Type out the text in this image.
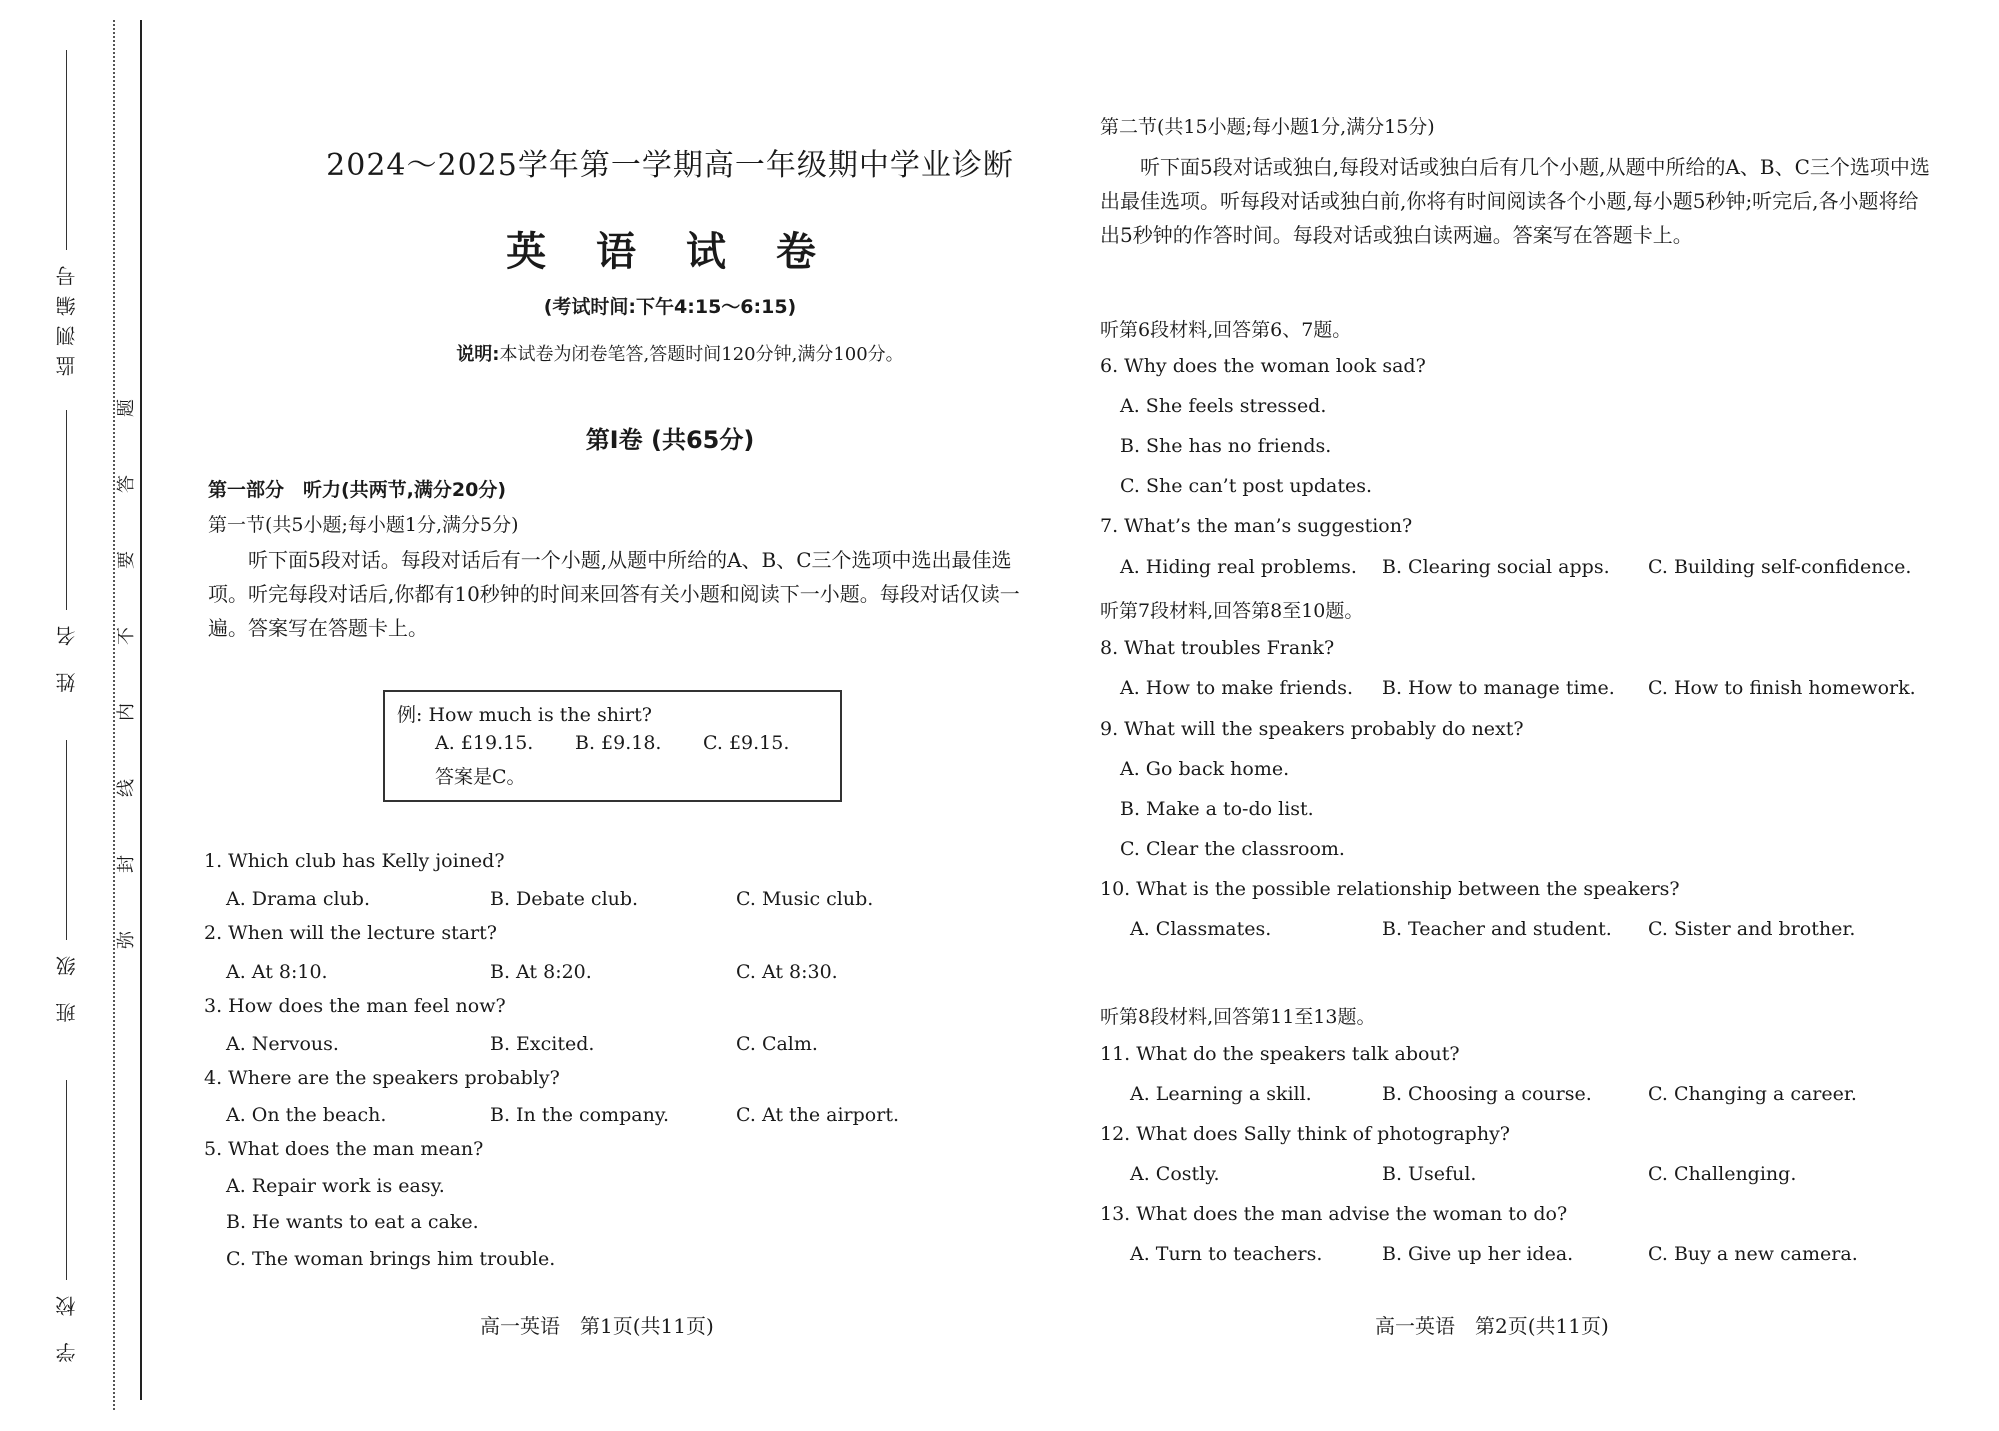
监测编号
姓 名
班 级
学 校
题
答
要
不
内
线
封
弥
2024～2025学年第一学期高一年级期中学业诊断
英 语 试 卷
(考试时间:下午4:15～6:15)
说明:本试卷为闭卷笔答,答题时间120分钟,满分100分。
第Ⅰ卷 (共65分)
第一部分　听力(共两节,满分20分)
第一节(共5小题;每小题1分,满分5分)
听下面5段对话。每段对话后有一个小题,从题中所给的A、B、C三个选项中选出最佳选项。听完每段对话后,你都有10秒钟的时间来回答有关小题和阅读下一小题。每段对话仅读一遍。答案写在答题卡上。
例: How much is the shirt?
A. £19.15. B. £9.18. C. £9.15.
答案是C。
1. Which club has Kelly joined?
A. Drama club.	B. Debate club.	C. Music club.
2. When will the lecture start?
A. At 8:10.	B. At 8:20.	C. At 8:30.
3. How does the man feel now?
A. Nervous.	B. Excited.	C. Calm.
4. Where are the speakers probably?
A. On the beach.	B. In the company.	C. At the airport.
5. What does the man mean?
A. Repair work is easy.
B. He wants to eat a cake.
C. The woman brings him trouble.
高一英语　第1页(共11页)
第二节(共15小题;每小题1分,满分15分)
听下面5段对话或独白,每段对话或独白后有几个小题,从题中所给的A、B、C三个选项中选出最佳选项。听每段对话或独白前,你将有时间阅读各个小题,每小题5秒钟;听完后,各小题将给出5秒钟的作答时间。每段对话或独白读两遍。答案写在答题卡上。
听第6段材料,回答第6、7题。
6. Why does the woman look sad?
A. She feels stressed.
B. She has no friends.
C. She can’t post updates.
7. What’s the man’s suggestion?
A. Hiding real problems. B. Clearing social apps. C. Building self-confidence.
听第7段材料,回答第8至10题。
8. What troubles Frank?
A. How to make friends. B. How to manage time. C. How to finish homework.
9. What will the speakers probably do next?
A. Go back home.
B. Make a to-do list.
C. Clear the classroom.
10. What is the possible relationship between the speakers?
A. Classmates.	B. Teacher and student. C. Sister and brother.
听第8段材料,回答第11至13题。
11. What do the speakers talk about?
A. Learning a skill.	B. Choosing a course.	C. Changing a career.
12. What does Sally think of photography?
A. Costly.	B. Useful.	C. Challenging.
13. What does the man advise the woman to do?
A. Turn to teachers.	B. Give up her idea.	C. Buy a new camera.
高一英语　第2页(共11页)
